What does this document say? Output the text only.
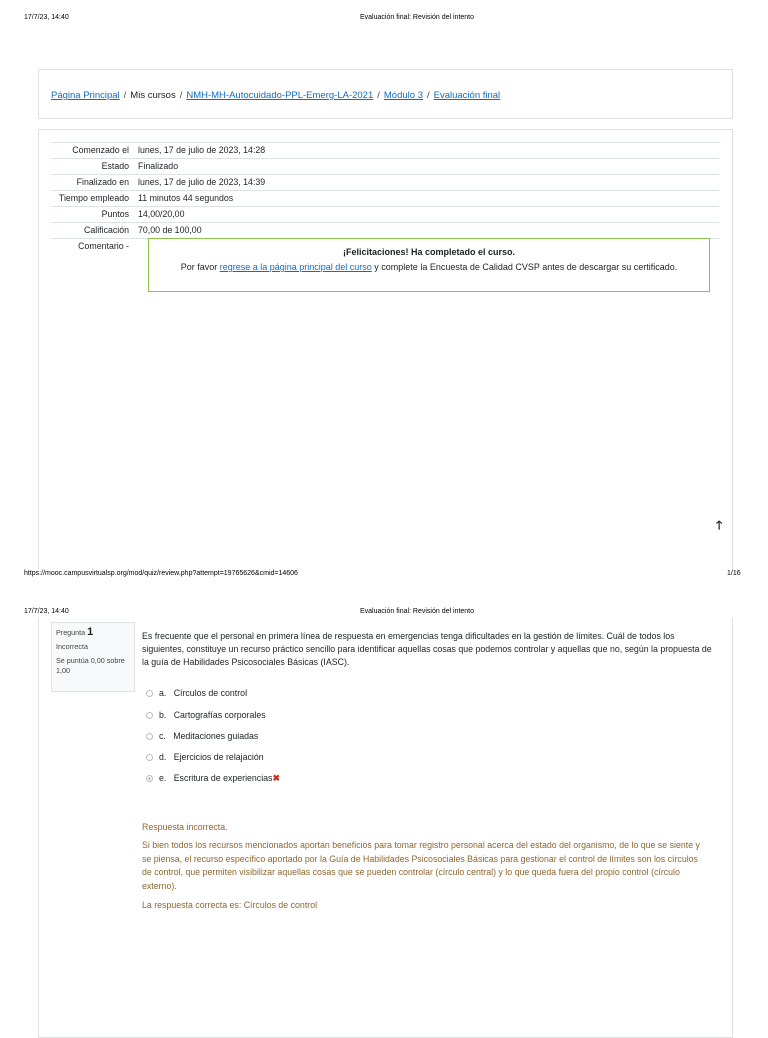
17/7/23, 14:40	Evaluación final: Revisión del intento
Página Principal / Mis cursos / NMH-MH-Autocuidado-PPL-Emerg-LA-2021 / Módulo 3 / Evaluación final
Comenzado el	lunes, 17 de julio de 2023, 14:28
Estado	Finalizado
Finalizado en	lunes, 17 de julio de 2023, 14:39
Tiempo empleado	11 minutos 44 segundos
Puntos	14,00/20,00
Calificación	70,00 de 100,00
Comentario -
¡Felicitaciones! Ha completado el curso.
Por favor regrese a la página principal del curso y complete la Encuesta de Calidad CVSP antes de descargar su certificado.
🡑
https://mooc.campusvirtualsp.org/mod/quiz/review.php?attempt=19765626&cmid=14606	1/16
17/7/23, 14:40	Evaluación final: Revisión del intento
Pregunta 1
Incorrecta
Se puntúa 0,00 sobre 1,00
Es frecuente que el personal en primera línea de respuesta en emergencias tenga dificultades en la gestión de límites. Cuál de todos los siguientes, constituye un recurso práctico sencillo para identificar aquellas cosas que podemos controlar y aquellas que no, según la propuesta de la guía de Habilidades Psicosociales Básicas (IASC).
a. Círculos de control
b. Cartografías corporales
c. Meditaciones guiadas
d. Ejercicios de relajación
e. Escritura de experiencias✖
Respuesta incorrecta.
Si bien todos los recursos mencionados aportan beneficios para tomar registro personal acerca del estado del organismo, de lo que se siente y se piensa, el recurso específico aportado por la Guía de Habilidades Psicosociales Básicas para gestionar el control de límites son los círculos de control, que permiten visibilizar aquellas cosas que se pueden controlar (círculo central) y lo que queda fuera del propio control (círculo externo).
La respuesta correcta es: Círculos de control
